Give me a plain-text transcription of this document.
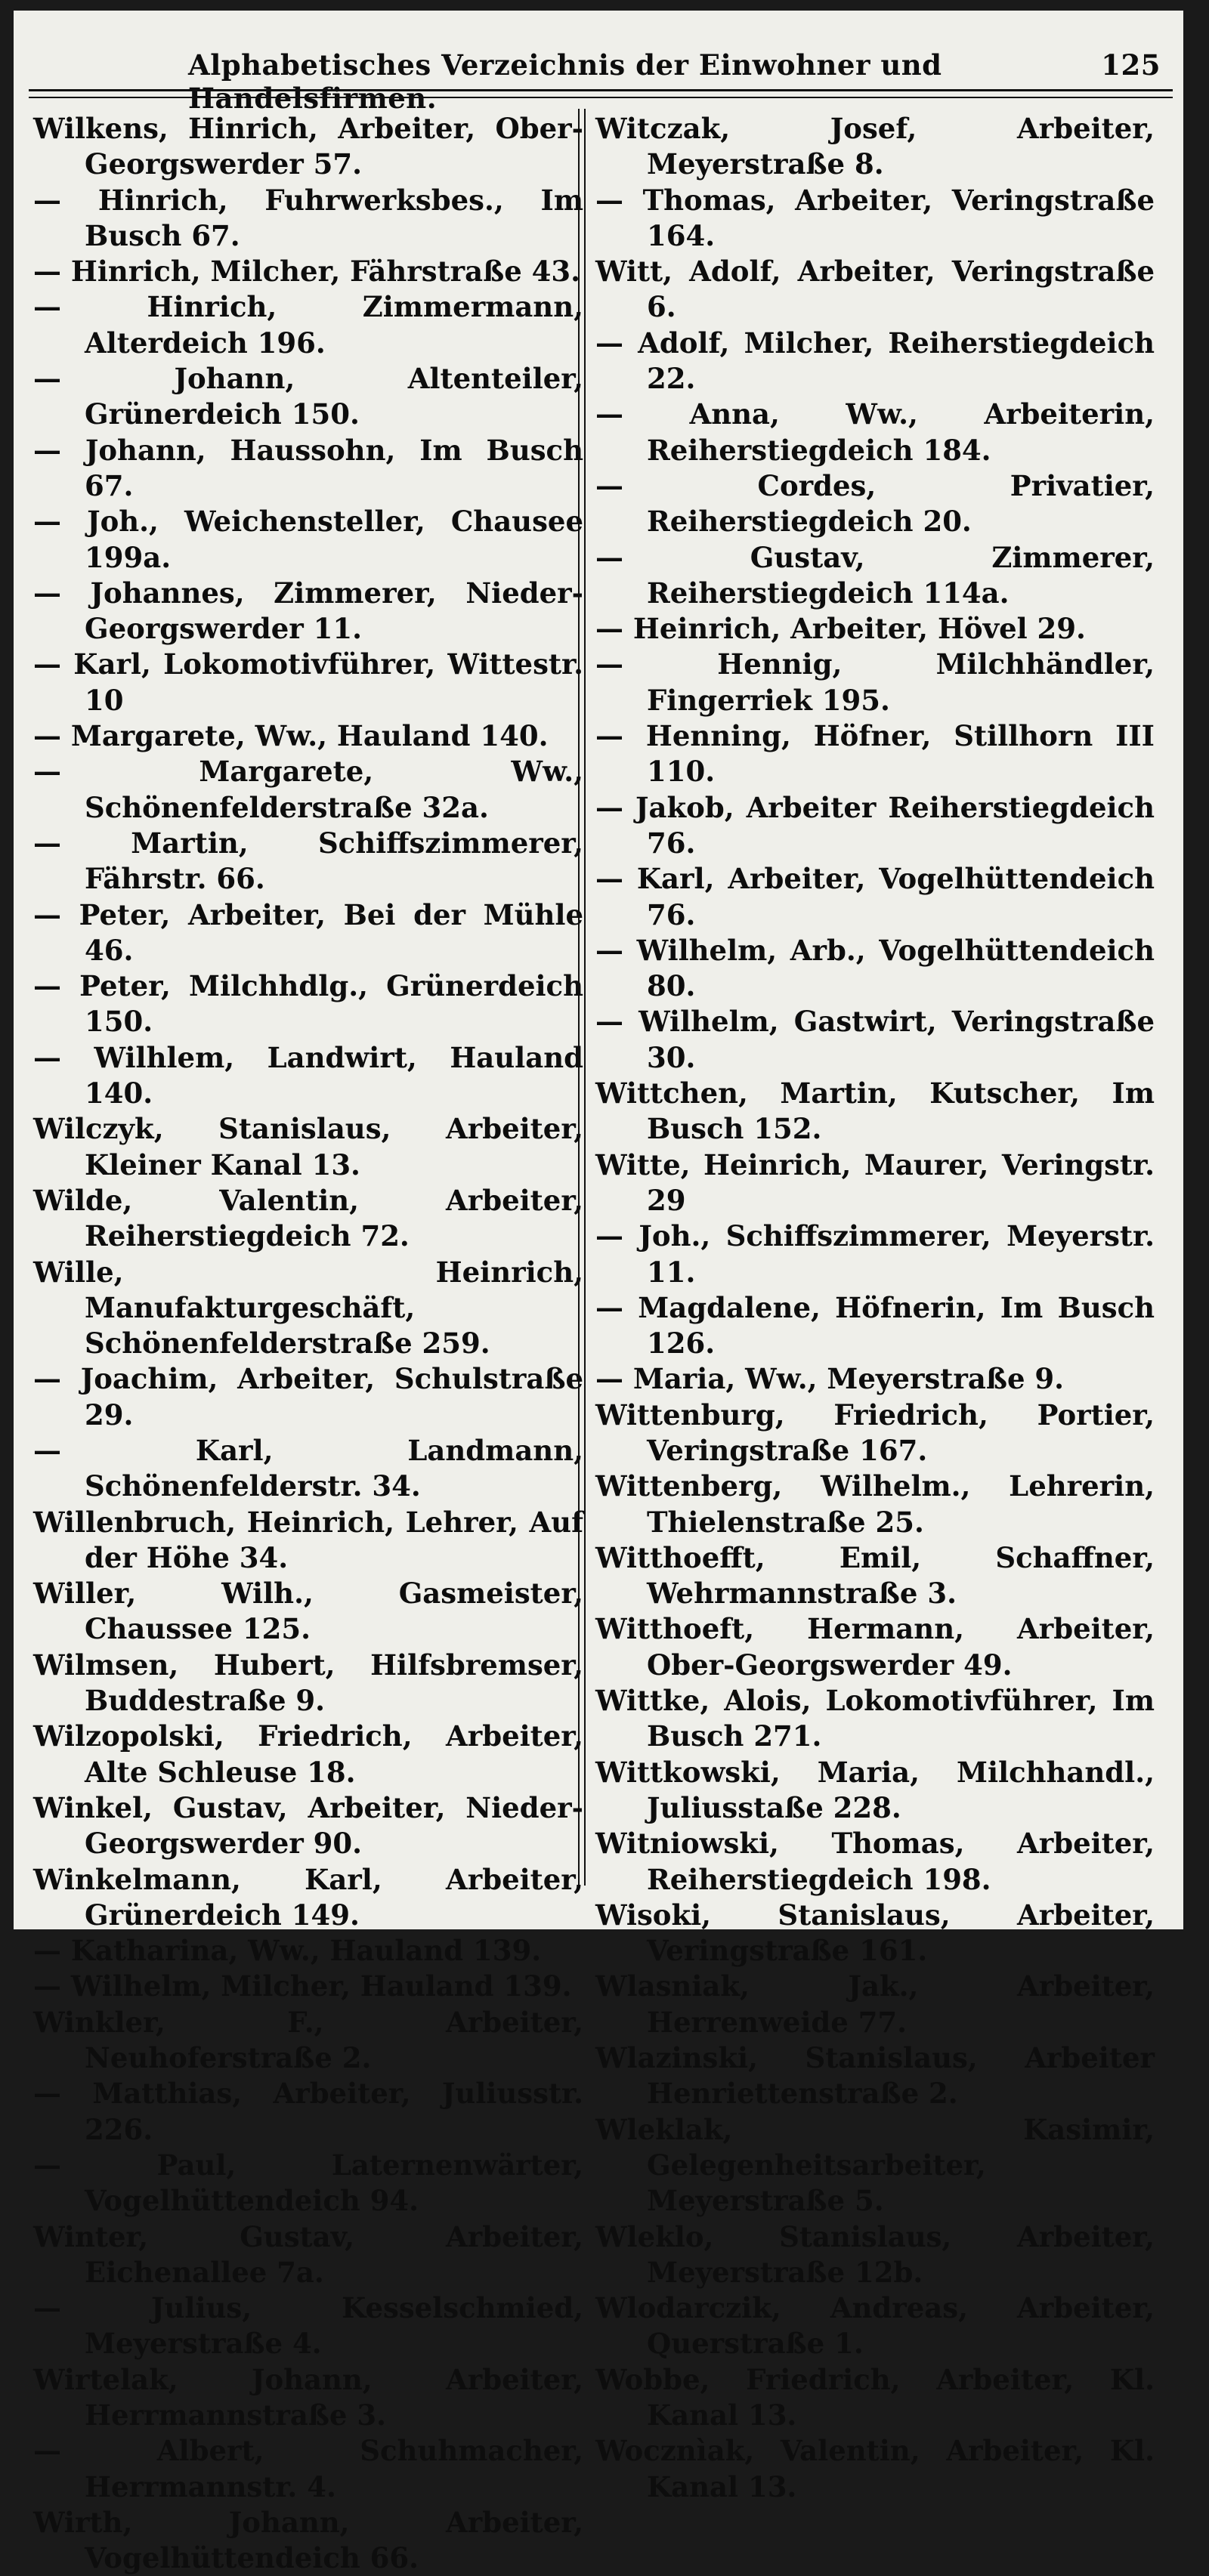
Alphabetisches Verzeichnis der Einwohner und Handelsfirmen.
125

Wilkens, Hinrich, Arbeiter, Ober-Georgswerder 57.

— Hinrich, Fuhrwerksbes., Im Busch 67.

— Hinrich, Milcher, Fährstraße 43.

— Hinrich, Zimmermann, Alterdeich 196.

— Johann, Altenteiler, Grünerdeich 150.

— Johann, Haussohn, Im Busch 67.

— Joh., Weichensteller, Chausee 199a.

— Johannes, Zimmerer, Nieder-Georgswerder 11.

— Karl, Lokomotivführer, Wittestr. 10

— Margarete, Ww., Hauland 140.

— Margarete, Ww., Schönenfelderstraße 32a.

— Martin, Schiffszimmerer, Fährstr. 66.

— Peter, Arbeiter, Bei der Mühle 46.

— Peter, Milchhdlg., Grünerdeich 150.

— Wilhlem, Landwirt, Hauland 140.

Wilczyk, Stanislaus, Arbeiter, Kleiner Kanal 13.

Wilde, Valentin, Arbeiter, Reiherstiegdeich 72.

Wille, Heinrich, Manufakturgeschäft, Schönenfelderstraße 259.

— Joachim, Arbeiter, Schulstraße 29.

— Karl, Landmann, Schönenfelderstr. 34.

Willenbruch, Heinrich, Lehrer, Auf der Höhe 34.

Willer, Wilh., Gasmeister, Chaussee 125.

Wilmsen, Hubert, Hilfsbremser, Buddestraße 9.

Wilzopolski, Friedrich, Arbeiter, Alte Schleuse 18.

Winkel, Gustav, Arbeiter, Nieder-Georgswerder 90.

Winkelmann, Karl, Arbeiter, Grünerdeich 149.

— Katharina, Ww., Hauland 139.

— Wilhelm, Milcher, Hauland 139.

Winkler, F., Arbeiter, Neuhoferstraße 2.

— Matthias, Arbeiter, Juliusstr. 226.

— Paul, Laternenwärter, Vogelhüttendeich 94.

Winter, Gustav, Arbeiter, Eichenallee 7a.

— Julius, Kesselschmied, Meyerstraße 4.

Wirtelak, Johann, Arbeiter, Herrmannstraße 3.

— Albert, Schuhmacher, Herrmannstr. 4.

Wirth, Johann, Arbeiter, Vogelhüttendeich 66.

Witczak, Josef, Arbeiter, Meyerstraße 8.

— Thomas, Arbeiter, Veringstraße 164.

Witt, Adolf, Arbeiter, Veringstraße 6.

— Adolf, Milcher, Reiherstiegdeich 22.

— Anna, Ww., Arbeiterin, Reiherstiegdeich 184.

— Cordes, Privatier, Reiherstiegdeich 20.

— Gustav, Zimmerer, Reiherstiegdeich 114a.

— Heinrich, Arbeiter, Hövel 29.

— Hennig, Milchhändler, Fingerriek 195.

— Henning, Höfner, Stillhorn III 110.

— Jakob, Arbeiter Reiherstiegdeich 76.

— Karl, Arbeiter, Vogelhüttendeich 76.

— Wilhelm, Arb., Vogelhüttendeich 80.

— Wilhelm, Gastwirt, Veringstraße 30.

Wittchen, Martin, Kutscher, Im Busch 152.

Witte, Heinrich, Maurer, Veringstr. 29

— Joh., Schiffszimmerer, Meyerstr. 11.

— Magdalene, Höfnerin, Im Busch 126.

— Maria, Ww., Meyerstraße 9.

Wittenburg, Friedrich, Portier, Veringstraße 167.

Wittenberg, Wilhelm., Lehrerin, Thielenstraße 25.

Witthoefft, Emil, Schaffner, Wehrmannstraße 3.

Witthoeft, Hermann, Arbeiter, Ober-Georgswerder 49.

Wittke, Alois, Lokomotivführer, Im Busch 271.

Wittkowski, Maria, Milchhandl., Juliusstaße 228.

Witniowski, Thomas, Arbeiter, Reiherstiegdeich 198.

Wisoki, Stanislaus, Arbeiter, Veringstraße 161.

Wlasniak, Jak., Arbeiter, Herrenweide 77.

Wlazinski, Stanislaus, Arbeiter Henriettenstraße 2.

Wleklak, Kasimir, Gelegenheitsarbeiter, Meyerstraße 5.

Wleklo, Stanislaus, Arbeiter, Meyerstraße 12b.

Wlodarczik, Andreas, Arbeiter, Querstraße 1.

Wobbe, Friedrich, Arbeiter, Kl. Kanal 13.

Wocznìak, Valentin, Arbeiter, Kl. Kanal 13.
